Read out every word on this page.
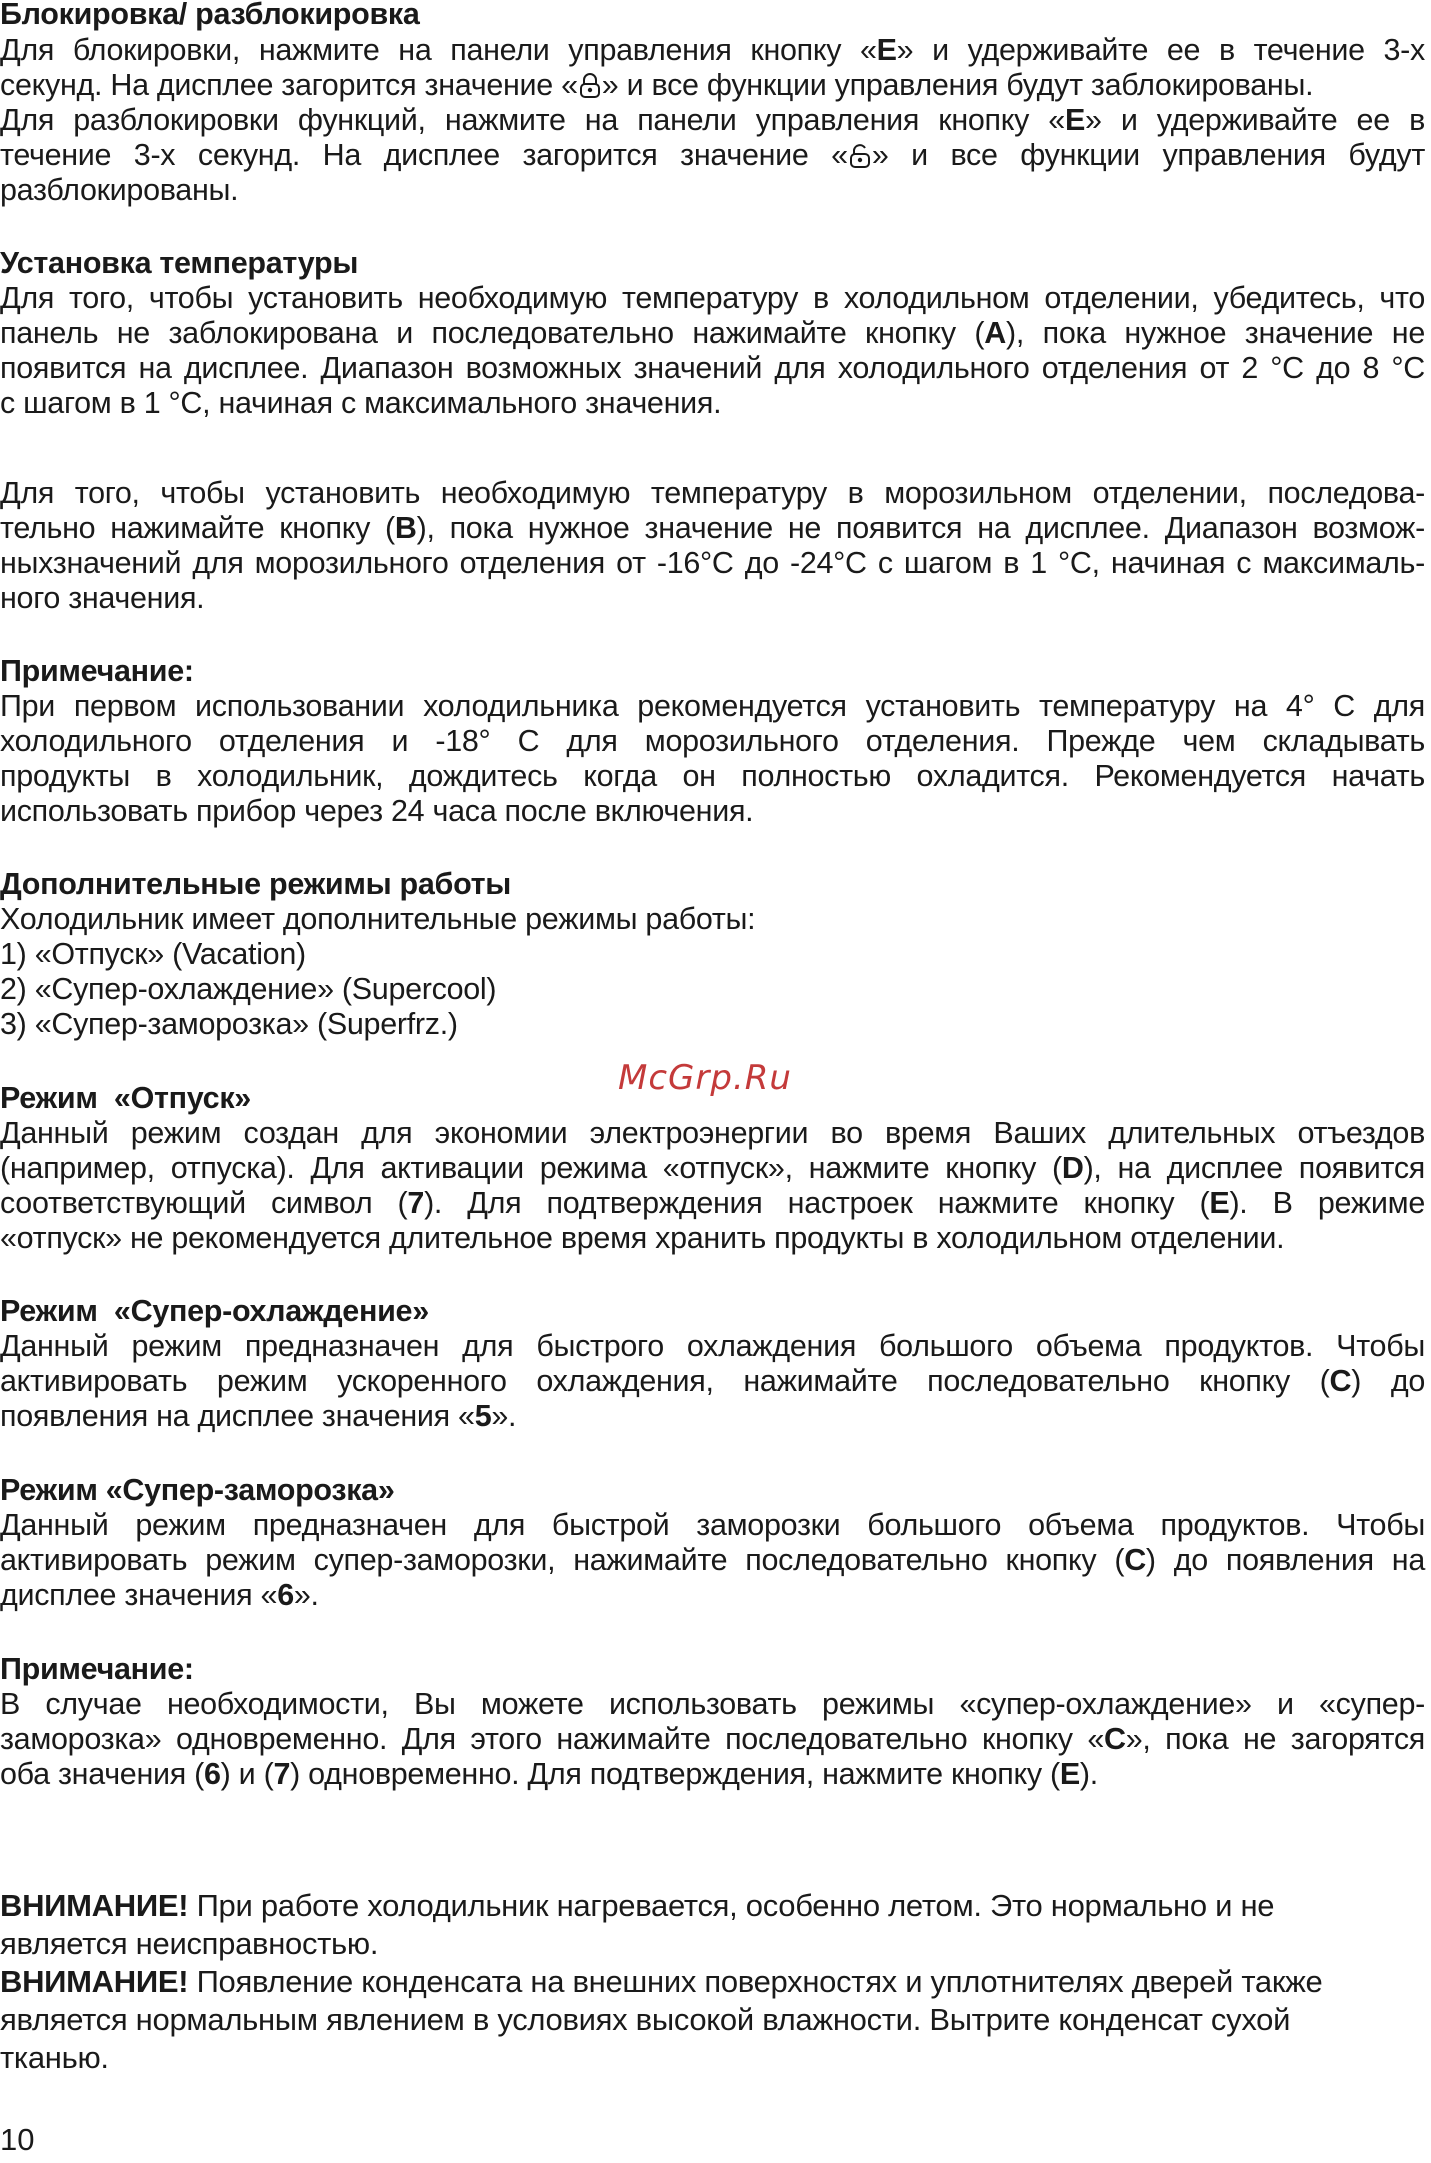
Блокировка/ разблокировка
Для блокировки, нажмите на панели управления кнопку «E» и удерживайте ее в течение 3-х
секунд. На дисплее загорится значение « » и все функции управления будут заблокированы.
Для разблокировки функций, нажмите на панели управления кнопку «E» и удерживайте ее в
течение 3-х секунд. На дисплее загорится значение « » и все функции управления будут
разблокированы.
Установка температуры
Для того, чтобы установить необходимую температуру в холодильном отделении, убедитесь, что
панель не заблокирована и последовательно нажимайте кнопку (A), пока нужное значение не
появится на дисплее. Диапазон возможных значений для холодильного отделения от 2 °С до 8 °С
с шагом в 1 °С, начиная с максимального значения.
Для того, чтобы установить необходимую температуру в морозильном отделении, последова-
тельно нажимайте кнопку (B), пока нужное значение не появится на дисплее. Диапазон возмож-
ныхзначений для морозильного отделения от -16°С до -24°С с шагом в 1 °С, начиная с максималь-
ного значения.
Примечание:
При первом использовании холодильника рекомендуется установить температуру на 4° С для
холодильного отделения и -18° С для морозильного отделения. Прежде чем складывать
продукты в холодильник, дождитесь когда он полностью охладится. Рекомендуется начать
использовать прибор через 24 часа после включения.
Дополнительные режимы работы
Холодильник имеет дополнительные режимы работы:
1) «Отпуск» (Vacation)
2) «Супер-охлаждение» (Supercool)
3) «Супер-заморозка» (Superfrz.)
Режим  «Отпуск»
Данный режим создан для экономии электроэнергии во время Ваших длительных отъездов
(например, отпуска). Для активации режима «отпуск», нажмите кнопку (D), на дисплее появится
соответствующий символ (7). Для подтверждения настроек нажмите кнопку (E). В режиме
«отпуск» не рекомендуется длительное время хранить продукты в холодильном отделении.
Режим  «Супер-охлаждение»
Данный режим предназначен для быстрого охлаждения большого объема продуктов. Чтобы
активировать режим ускоренного охлаждения, нажимайте последовательно кнопку (C) до
появления на дисплее значения «5».
Режим «Супер-заморозка»
Данный режим предназначен для быстрой заморозки большого объема продуктов. Чтобы
активировать режим супер-заморозки, нажимайте последовательно кнопку (C) до появления на
дисплее значения «6».
Примечание:
В случае необходимости, Вы можете использовать режимы «супер-охлаждение» и «супер-
заморозка» одновременно. Для этого нажимайте последовательно кнопку «C», пока не загорятся
оба значения (6) и (7) одновременно. Для подтверждения, нажмите кнопку (E).
ВНИМАНИЕ! При работе холодильник нагревается, особенно летом. Это нормально и не
является неисправностью.
ВНИМАНИЕ! Появление конденсата на внешних поверхностях и уплотнителях дверей также
является нормальным явлением в условиях высокой влажности. Вытрите конденсат сухой
тканью.
McGrp.Ru
10
